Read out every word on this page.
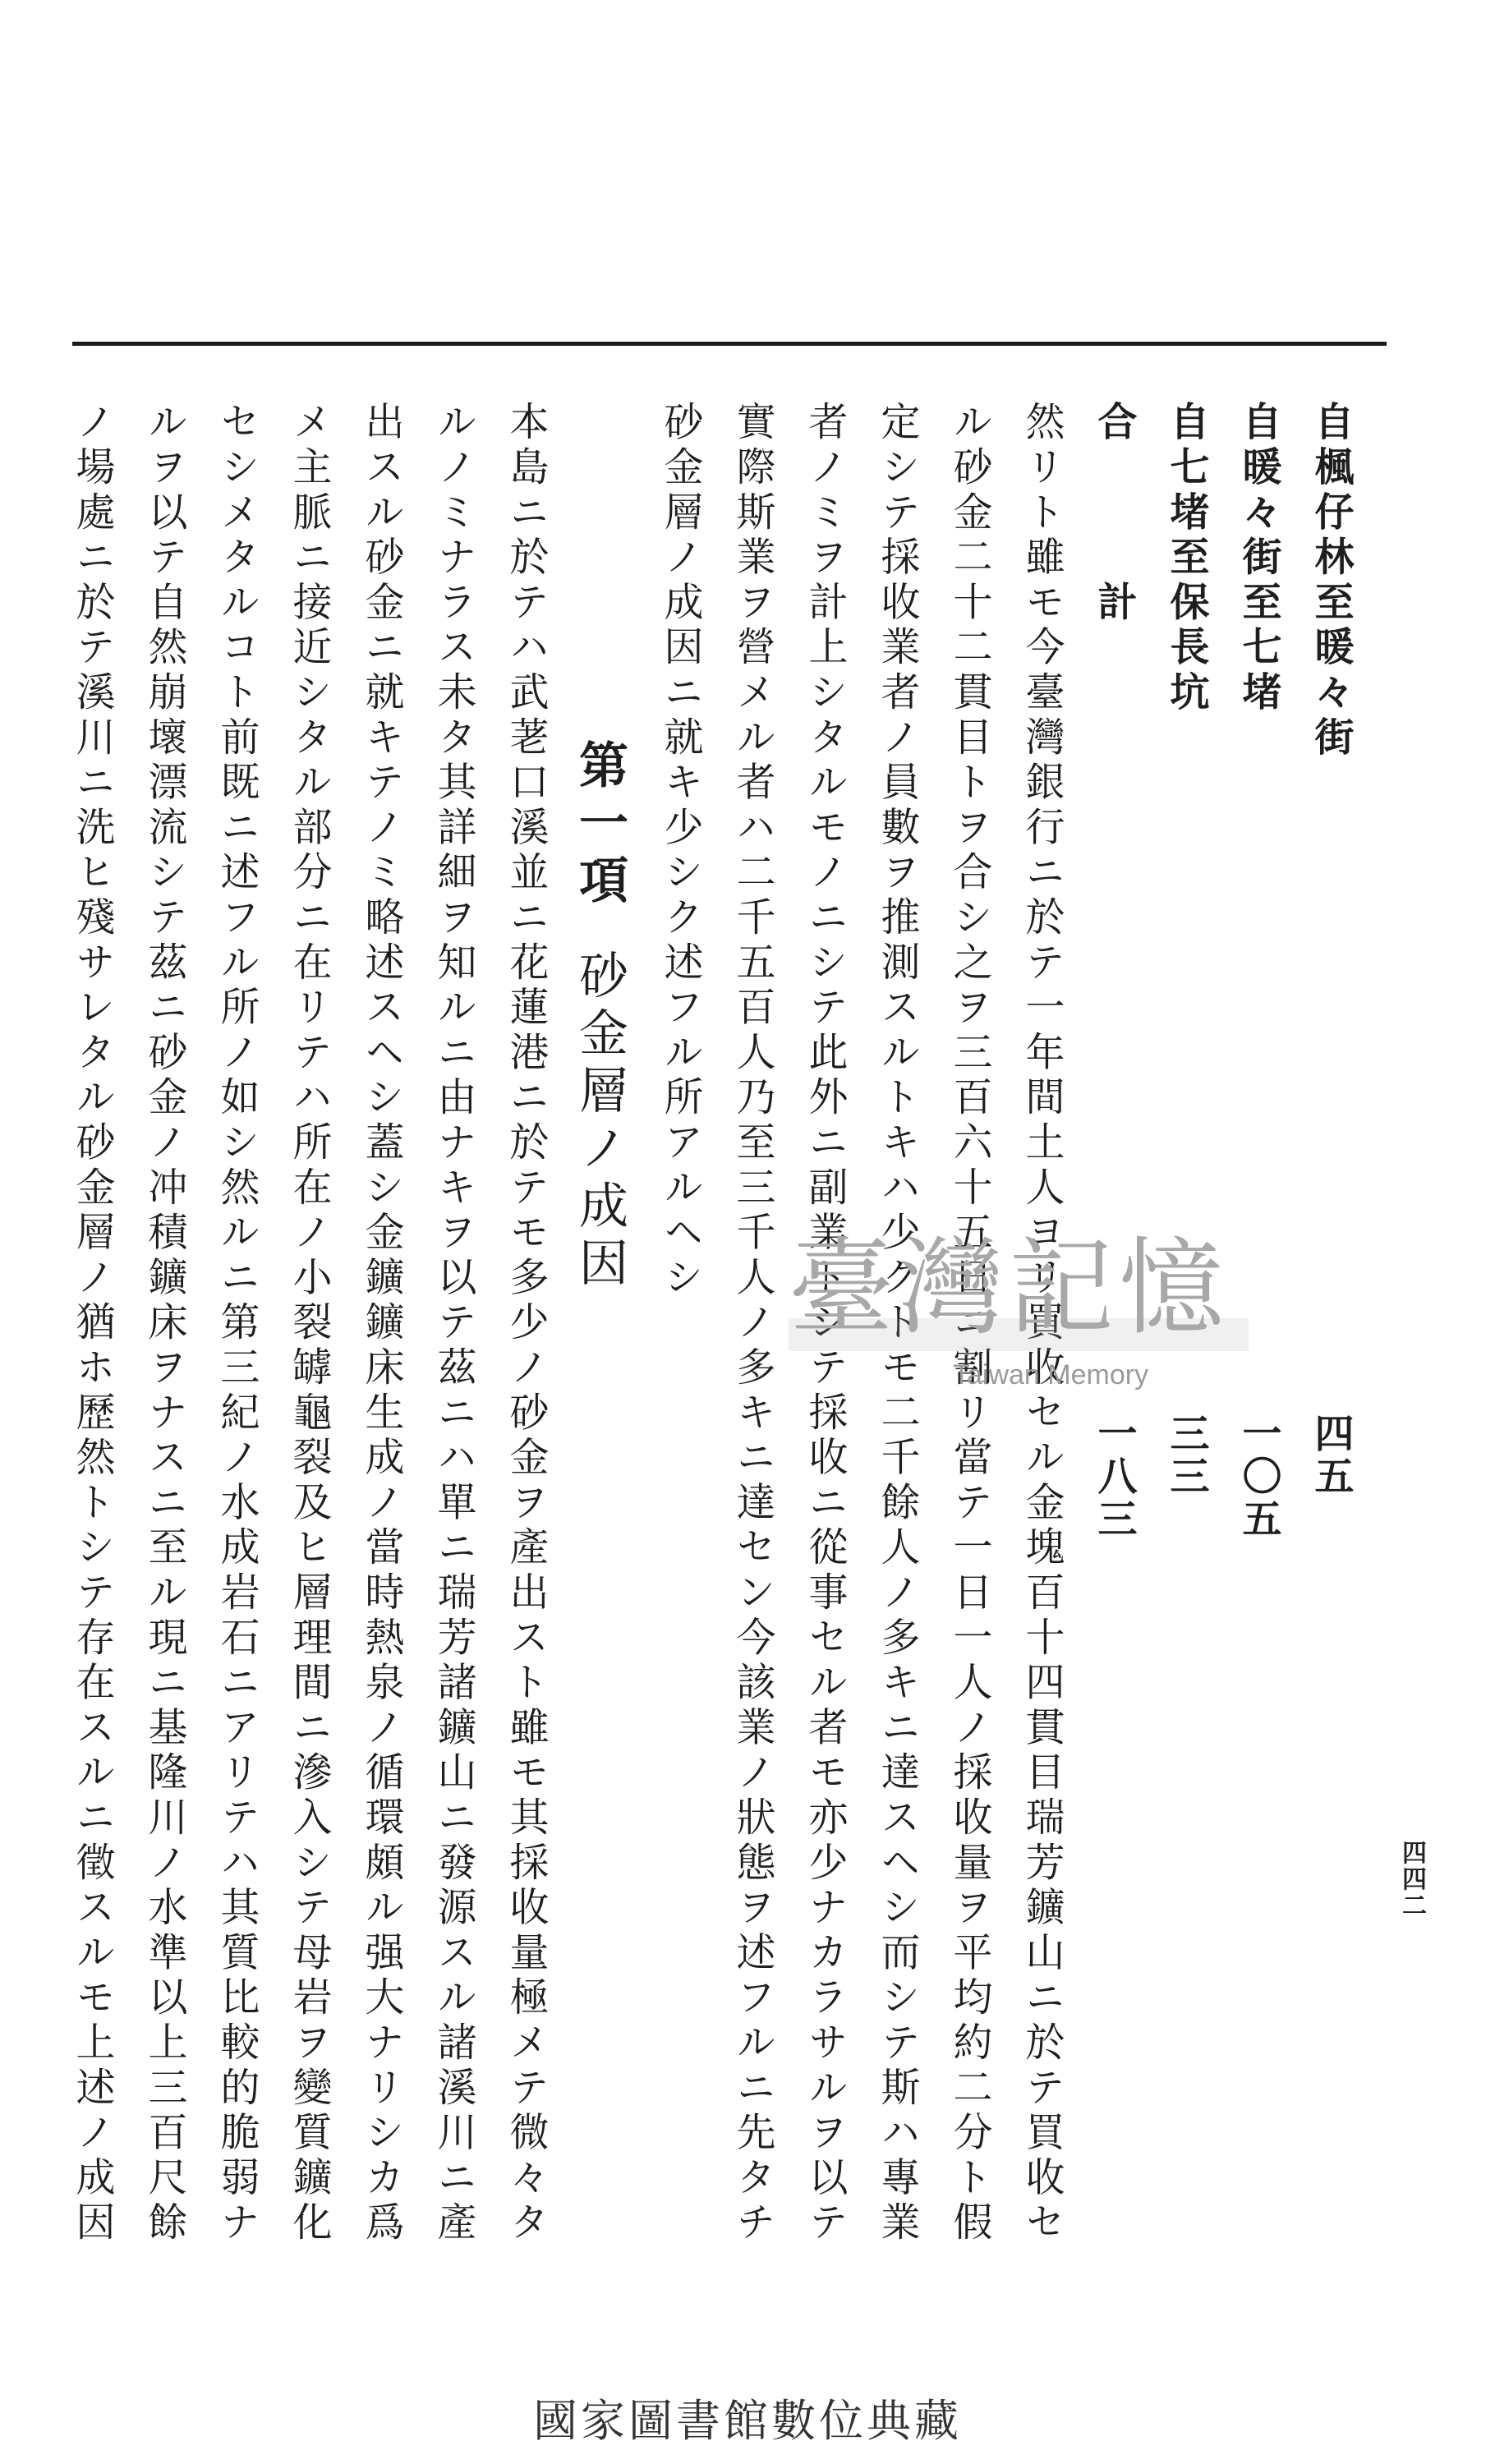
自楓仔林至暖々街
自暖々街至七堵
自七堵至保長坑
合　　　計
四五
一〇五
三三
一八三
然リト雖モ今臺灣銀行ニ於テ一年間土人ヨリ買收セル金塊百十四貫目瑞芳鑛山ニ於テ買收セ
ル砂金二十二貫目トヲ合シ之ヲ三百六十五日ニ割リ當テ一日一人ノ採收量ヲ平均約二分ト假
定シテ採收業者ノ員數ヲ推測スルトキハ少クトモ二千餘人ノ多キニ達スヘシ而シテ斯ハ專業
者ノミヲ計上シタルモノニシテ此外ニ副業トシテ採收ニ從事セル者モ亦少ナカラサルヲ以テ
實際斯業ヲ營メル者ハ二千五百人乃至三千人ノ多キニ達セン今該業ノ狀態ヲ述フルニ先タチ
砂金層ノ成因ニ就キ少シク述フル所アルヘシ
第一項砂金層ノ成因
本島ニ於テハ武荖口溪並ニ花蓮港ニ於テモ多少ノ砂金ヲ產出スト雖モ其採收量極メテ微々タ
ルノミナラス未タ其詳細ヲ知ルニ由ナキヲ以テ茲ニハ單ニ瑞芳諸鑛山ニ發源スル諸溪川ニ產
出スル砂金ニ就キテノミ略述スヘシ蓋シ金鑛鑛床生成ノ當時熱泉ノ循環頗ル强大ナリシカ爲
メ主脈ニ接近シタル部分ニ在リテハ所在ノ小裂罅龜裂及ヒ層理間ニ滲入シテ母岩ヲ變質鑛化
セシメタルコト前既ニ述フル所ノ如シ然ルニ第三紀ノ水成岩石ニアリテハ其質比較的脆弱ナ
ルヲ以テ自然崩壞漂流シテ茲ニ砂金ノ冲積鑛床ヲナスニ至ル現ニ基隆川ノ水準以上三百尺餘
ノ場處ニ於テ溪川ニ洗ヒ殘サレタル砂金層ノ猶ホ歷然トシテ存在スルニ徵スルモ上述ノ成因	四四二
臺灣記憶
Taiwan Memory
國家圖書館數位典藏
